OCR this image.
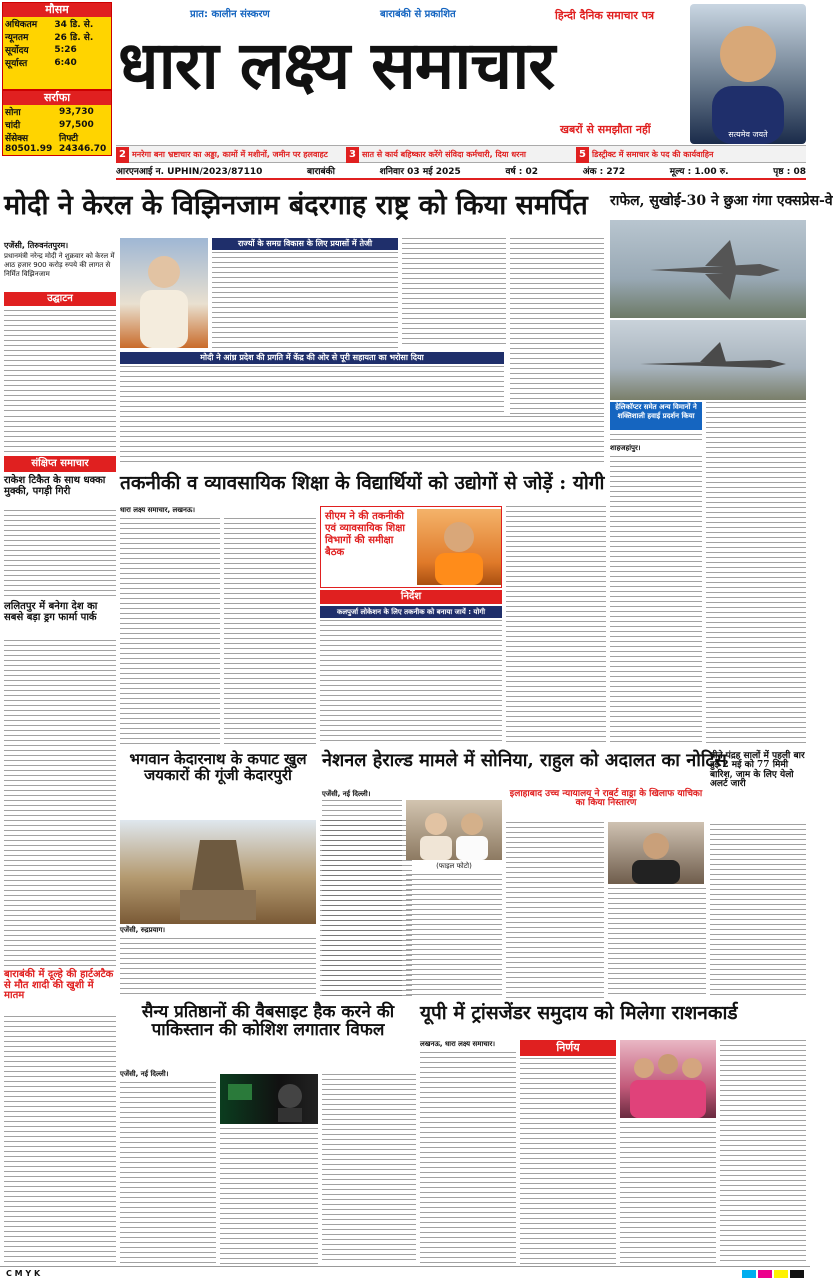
मौसम
अधिकतम	34 डि. से.
न्यूनतम	26 डि. से.
सूर्योदय	5:26
सूर्यास्त	6:40
सर्राफा
सोना	93,730
चांदी	97,500
सेंसेक्स	निफ्टी
80501.99	24346.70
प्रात: कालीन संस्करण	बाराबंकी से प्रकाशित	हिन्दी दैनिक समाचार पत्र
धारा लक्ष्य समाचार
खबरों से समझौता नहीं	सत्यमेव जयते
2 मनरेगा बना भ्रष्टाचार का अड्डा, कामों में मशीनों, जमीन पर हलवाहट	3 सात से कार्य बहिष्कार करेंगे संविदा कर्मचारी, दिया धरना	5 डिस्ट्रीक्ट में समाचार के पद की कार्यवाहिन
आरएनआई न. UPHIN/2023/87110	बाराबंकी	शनिवार 03 मई 2025	वर्ष : 02	अंक : 272	मूल्य : 1.00 रु.	पृष्ठ : 08
मोदी ने केरल के विझिनजाम बंदरगाह राष्ट्र को किया समर्पित
एजेंसी, तिरुवनंतपुरम।
प्रधानमंत्री नरेन्द्र मोदी ने शुक्रवार को केरल में आठ हजार 900 करोड़ रुपये की लागत से निर्मित विझिनजाम
उद्घाटन
राज्यों के समग्र विकास के लिए प्रयासों में तेजी
मोदी ने आंध्र प्रदेश की प्रगति में केंद्र की ओर से पूरी सहायता का भरोसा दिया
राफेल, सुखोई-30 ने छुआ गंगा एक्सप्रेस-वे
हेलिकॉप्टर समेत अन्य विमानों ने शक्तिशाली हवाई प्रदर्शन किया
शाहजहांपुर।
संक्षिप्त समाचार
राकेश टिकैत के साथ धक्का मुक्की, पगड़ी गिरी
ललितपुर में बनेगा देश का सबसे बड़ा ड्रग फार्मा पार्क
बाराबंकी में दूल्हे की हार्टअटैक से मौत शादी की खुशी में मातम
तकनीकी व व्यावसायिक शिक्षा के विद्यार्थियों को उद्योगों से जोड़ें : योगी
धारा लक्ष्य समाचार, लखनऊ।
सीएम ने की तकनीकी एवं व्यावसायिक शिक्षा विभागों की समीक्षा बैठक
निर्देश
कलपुर्जा लोकेशन के लिए तकनीक को बनाया जायें : योगी
भगवान केदारनाथ के कपाट खुल जयकारों की गूंजी केदारपुरी
एजेंसी, रुद्रप्रयाग।
नेशनल हेराल्ड मामले में सोनिया, राहुल को अदालत का नोटिस
(फाइल फोटो)
एजेंसी, नई दिल्ली।	इलाहाबाद उच्च न्यायालय ने राबर्ट वाड्रा के खिलाफ याचिका का किया निस्तारण
बीते पंद्रह सालों में पहली बार हुई 2 मई को 77 मिमी बारिश, जाम के लिए येलो अलर्ट जारी
सैन्य प्रतिष्ठानों की वैबसाइट हैक करने की पाकिस्तान की कोशिश लगातार विफल
एजेंसी, नई दिल्ली।
यूपी में ट्रांसजेंडर समुदाय को मिलेगा राशनकार्ड
लखनऊ, धारा लक्ष्य समाचार।	निर्णय
C M Y K
